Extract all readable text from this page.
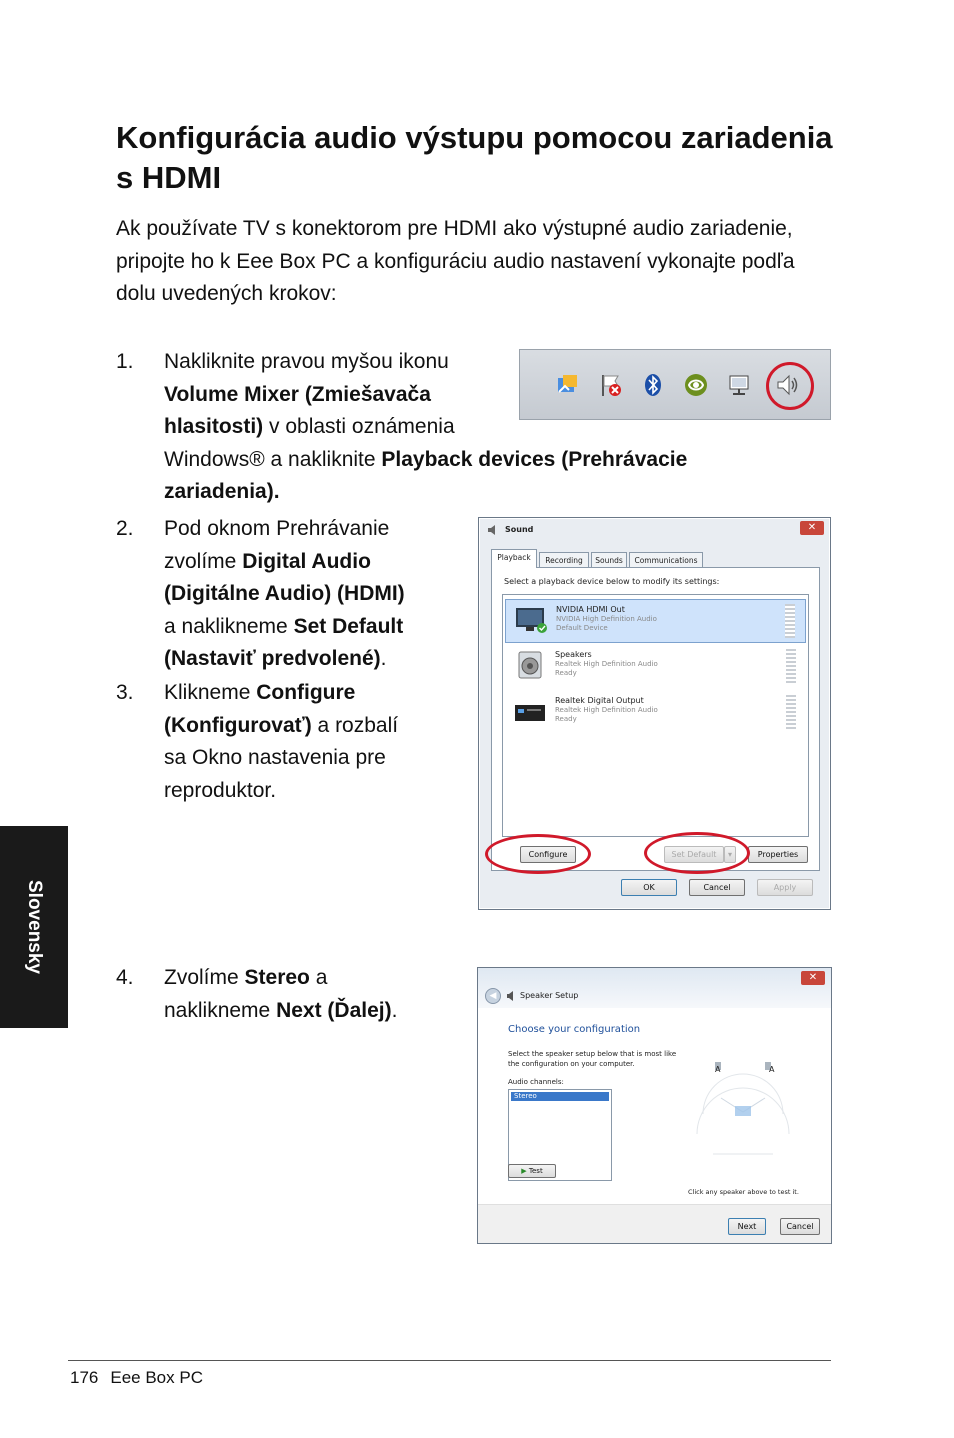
Konfigurácia audio výstupu pomocou zariadenia s HDMI
Ak používate TV s konektorom pre HDMI ako výstupné audio zariadenie, pripojte ho k Eee Box PC a konfiguráciu audio nastavení vykonajte podľa dolu uvedených krokov:
1. Nakliknite pravou myšou ikonu
Volume Mixer (Zmiešavača
hlasitosti) v oblasti oznámenia
Windows® a nakliknite Playback devices (Prehrávacie
zariadenia).
2. Pod oknom Prehrávanie
zvolíme Digital Audio
(Digitálne Audio) (HDMI)
a naklikneme Set Default
(Nastaviť predvolené).
3. Klikneme Configure
(Konfigurovať) a rozbalí
sa Okno nastavenia pre
reproduktor.
4. Zvolíme Stereo a
naklikneme Next (Ďalej).
Sound	✕
Playback	Recording	Sounds	Communications
Select a playback device below to modify its settings:
NVIDIA HDMI Out
NVIDIA High Definition Audio
Default Device
Speakers
Realtek High Definition Audio
Ready
Realtek Digital Output
Realtek High Definition Audio
Ready
Configure	Set Default	▾	Properties
OK	Cancel	Apply
◀	Speaker Setup
✕
Choose your configuration
Select the speaker setup below that is most like the configuration on your computer.
Audio channels:
Stereo
▶ Test
A	A
Click any speaker above to test it.
Next	Cancel
Slovensky
176 Eee Box PC
